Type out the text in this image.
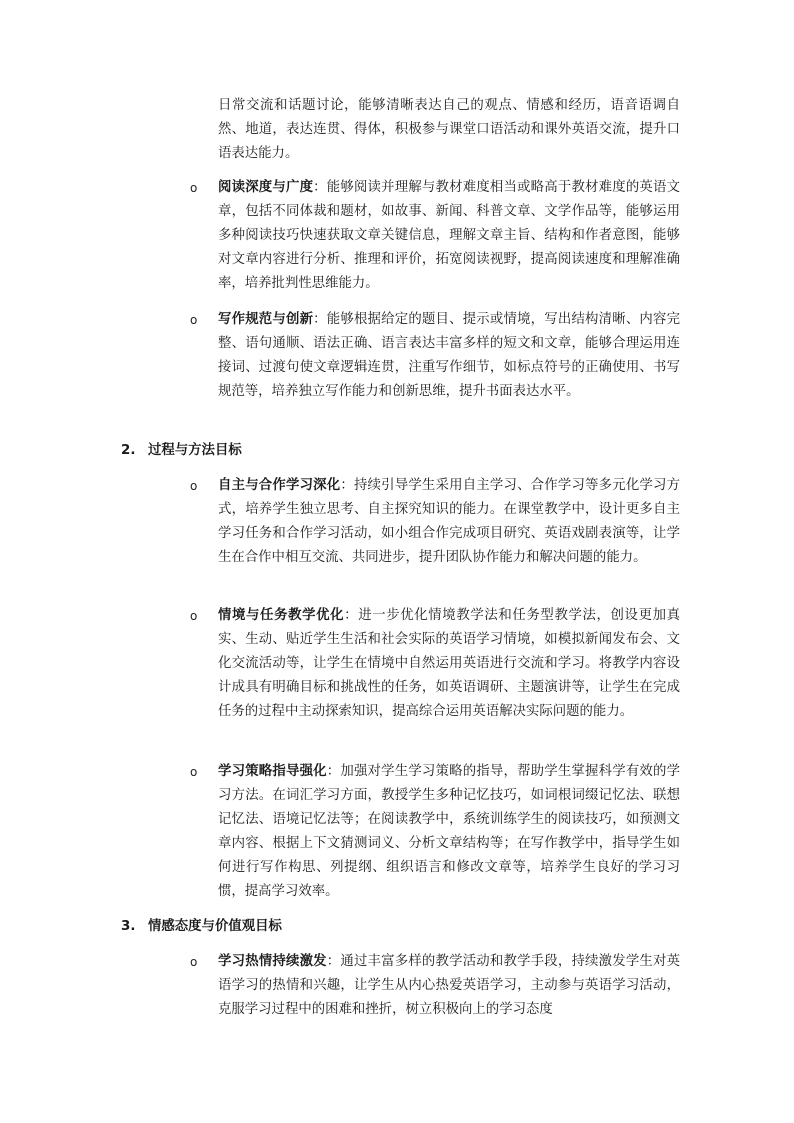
日常交流和话题讨论，能够清晰表达自己的观点、情感和经历，语音语调自然、地道，表达连贯、得体，积极参与课堂口语活动和课外英语交流，提升口语表达能力。

o 阅读深度与广度：能够阅读并理解与教材难度相当或略高于教材难度的英语文章，包括不同体裁和题材，如故事、新闻、科普文章、文学作品等，能够运用多种阅读技巧快速获取文章关键信息，理解文章主旨、结构和作者意图，能够对文章内容进行分析、推理和评价，拓宽阅读视野，提高阅读速度和理解准确率，培养批判性思维能力。

o 写作规范与创新：能够根据给定的题目、提示或情境，写出结构清晰、内容完整、语句通顺、语法正确、语言表达丰富多样的短文和文章，能够合理运用连接词、过渡句使文章逻辑连贯，注重写作细节，如标点符号的正确使用、书写规范等，培养独立写作能力和创新思维，提升书面表达水平。

2. 过程与方法目标

o 自主与合作学习深化：持续引导学生采用自主学习、合作学习等多元化学习方式，培养学生独立思考、自主探究知识的能力。在课堂教学中，设计更多自主学习任务和合作学习活动，如小组合作完成项目研究、英语戏剧表演等，让学生在合作中相互交流、共同进步，提升团队协作能力和解决问题的能力。

o 情境与任务教学优化：进一步优化情境教学法和任务型教学法，创设更加真实、生动、贴近学生生活和社会实际的英语学习情境，如模拟新闻发布会、文化交流活动等，让学生在情境中自然运用英语进行交流和学习。将教学内容设计成具有明确目标和挑战性的任务，如英语调研、主题演讲等，让学生在完成任务的过程中主动探索知识，提高综合运用英语解决实际问题的能力。

o 学习策略指导强化：加强对学生学习策略的指导，帮助学生掌握科学有效的学习方法。在词汇学习方面，教授学生多种记忆技巧，如词根词缀记忆法、联想记忆法、语境记忆法等；在阅读教学中，系统训练学生的阅读技巧，如预测文章内容、根据上下文猜测词义、分析文章结构等；在写作教学中，指导学生如何进行写作构思、列提纲、组织语言和修改文章等，培养学生良好的学习习惯，提高学习效率。

3. 情感态度与价值观目标

o 学习热情持续激发：通过丰富多样的教学活动和教学手段，持续激发学生对英语学习的热情和兴趣，让学生从内心热爱英语学习，主动参与英语学习活动，克服学习过程中的困难和挫折，树立积极向上的学习态度
